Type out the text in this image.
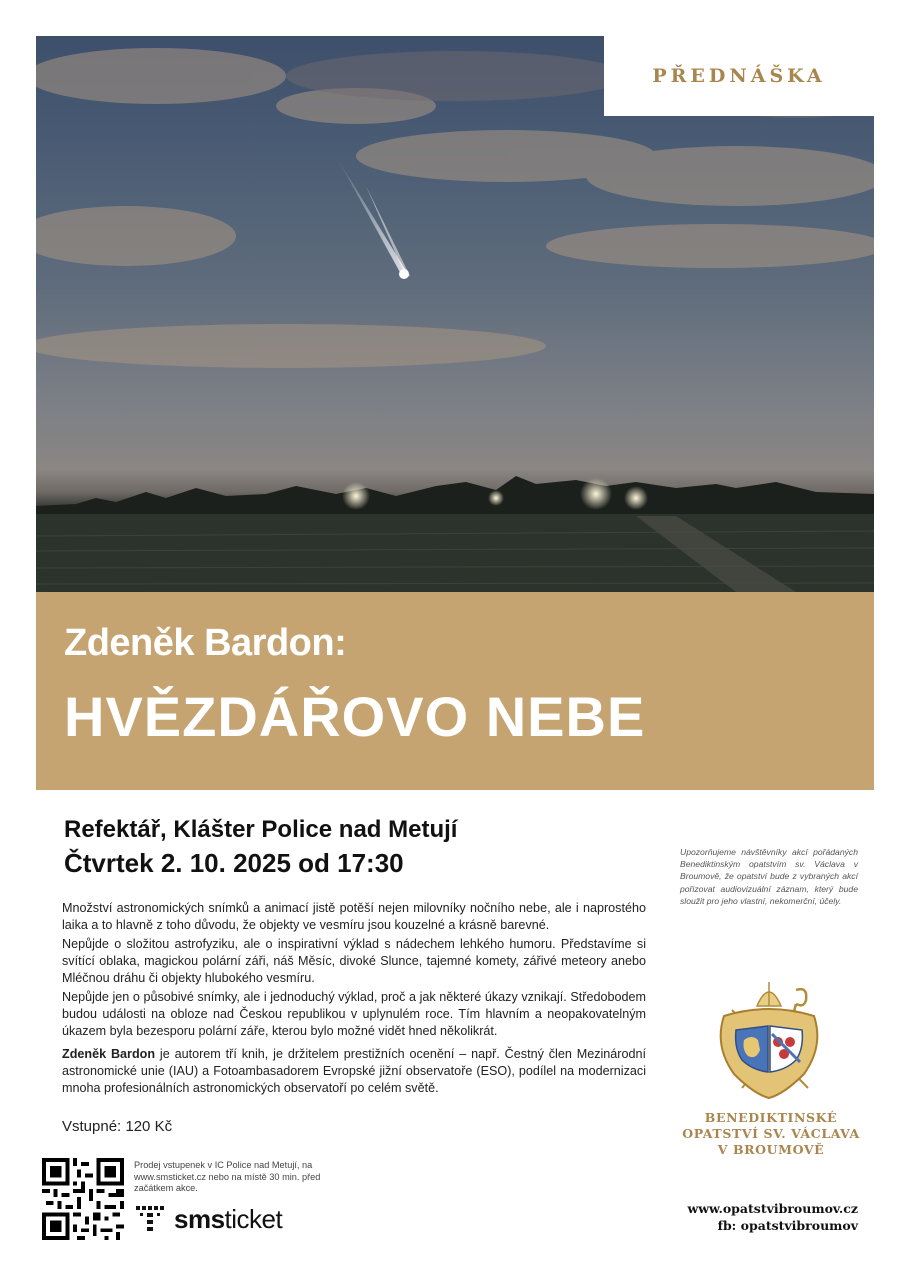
PŘEDNÁŠKA
Zdeněk Bardon:
HVĚZDÁŘOVO NEBE
Refektář, Klášter Police nad Metují
Čtvrtek 2. 10. 2025 od 17:30	Upozorňujeme návštěvníky akcí pořádaných Benediktinským opatstvím sv. Václava v Broumově, že opatství bude z vybraných akcí pořizovat audiovizuální záznam, který bude sloužit pro jeho vlastní, nekomerční, účely.

Množství astronomických snímků a animací jistě potěší nejen milovníky nočního nebe, ale i naprostého laika a to hlavně z toho důvodu, že objekty ve vesmíru jsou kouzelné a krásně barevné.

Nepůjde o složitou astrofyziku, ale o inspirativní výklad s nádechem lehkého humoru. Představíme si svítící oblaka, magickou polární záři, náš Měsíc, divoké Slunce, tajemné komety, zářivé meteory anebo Mléčnou dráhu či objekty hlubokého vesmíru.

Nepůjde jen o působivé snímky, ale i jednoduchý výklad, proč a jak některé úkazy vznikají. Středobodem budou události na obloze nad Českou republikou v uplynulém roce. Tím hlavním a neopakovatelným úkazem byla bezesporu polární záře, kterou bylo možné vidět hned několikrát.

Zdeněk Bardon je autorem tří knih, je držitelem prestižních ocenění – např. Čestný člen Mezinárodní astronomické unie (IAU) a Fotoambasadorem Evropské jižní observatoře (ESO), podílel na modernizaci mnoha profesionálních astronomických observatoří po celém světě.

Vstupné: 120 Kč
Prodej vstupenek v IC Police nad Metují, na www.smsticket.cz nebo na místě 30 min. před začátkem akce.
smsticket
BENEDIKTINSKÉ
OPATSTVÍ SV. VÁCLAVA
V BROUMOVĚ
www.opatstvibroumov.cz
fb: opatstvibroumov
